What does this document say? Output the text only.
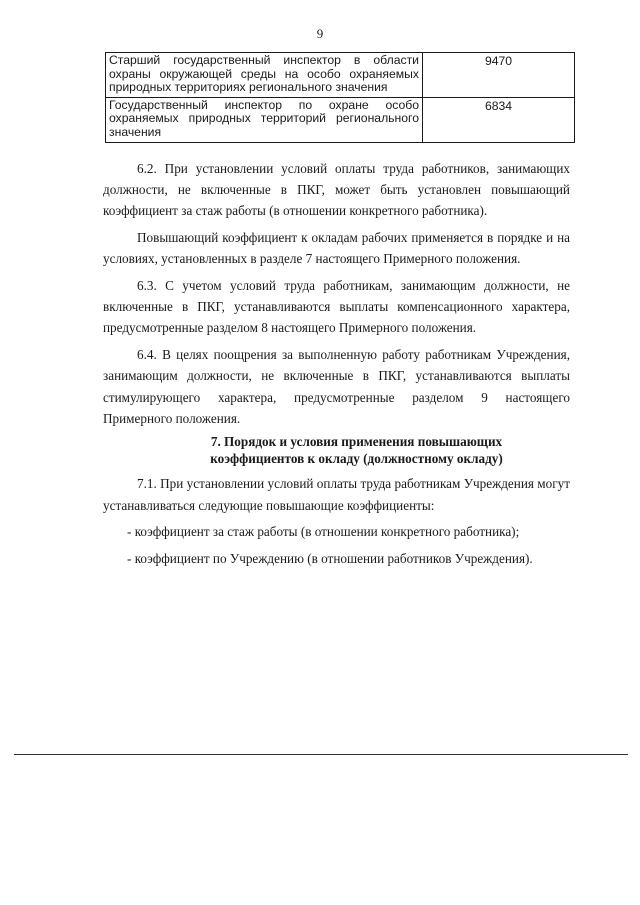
9
Старший государственный инспектор в области охраны окружающей среды на особо охраняемых природных территориях регионального значения	9470
Государственный инспектор по охране особо охраняемых природных территорий регионального значения	6834

6.2. При установлении условий оплаты труда работников, занимающих должности, не включенные в ПКГ, может быть установлен повышающий коэффициент за стаж работы (в отношении конкретного работника).

Повышающий коэффициент к окладам рабочих применяется в порядке и на условиях, установленных в разделе 7 настоящего Примерного положения.

6.3. С учетом условий труда работникам, занимающим должности, не включенные в ПКГ, устанавливаются выплаты компенсационного характера, предусмотренные разделом 8 настоящего Примерного положения.

6.4. В целях поощрения за выполненную работу работникам Учреждения, занимающим должности, не включенные в ПКГ, устанавливаются выплаты стимулирующего характера, предусмотренные разделом 9 настоящего Примерного положения.

7. Порядок и условия применения повышающих
коэффициентов к окладу (должностному окладу)

7.1. При установлении условий оплаты труда работникам Учреждения могут устанавливаться следующие повышающие коэффициенты:

- коэффициент за стаж работы (в отношении конкретного работника);

- коэффициент по Учреждению (в отношении работников Учреждения).
